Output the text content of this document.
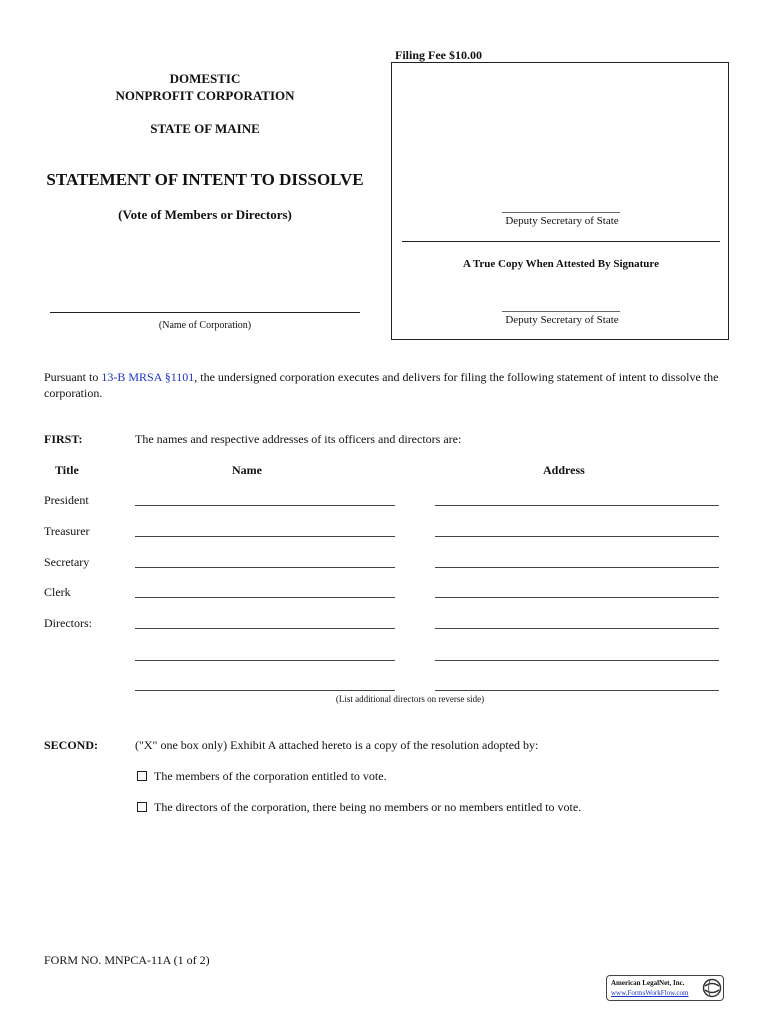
Filing Fee $10.00
DOMESTIC
NONPROFIT CORPORATION
STATE OF MAINE
STATEMENT OF INTENT TO DISSOLVE
(Vote of Members or Directors)
(Name of Corporation)
Deputy Secretary of State
A True Copy When Attested By Signature
Deputy Secretary of State
Pursuant to 13-B MRSA §1101, the undersigned corporation executes and delivers for filing the following statement of intent to dissolve the corporation.
FIRST:	The names and respective addresses of its officers and directors are:
Title	Name	Address
President
Treasurer
Secretary
Clerk
Directors:
(List additional directors on reverse side)
SECOND:	("X" one box only) Exhibit A attached hereto is a copy of the resolution adopted by:
The members of the corporation entitled to vote.
The directors of the corporation, there being no members or no members entitled to vote.
FORM NO. MNPCA-11A (1 of 2)
American LegalNet, Inc.
www.FormsWorkFlow.com
